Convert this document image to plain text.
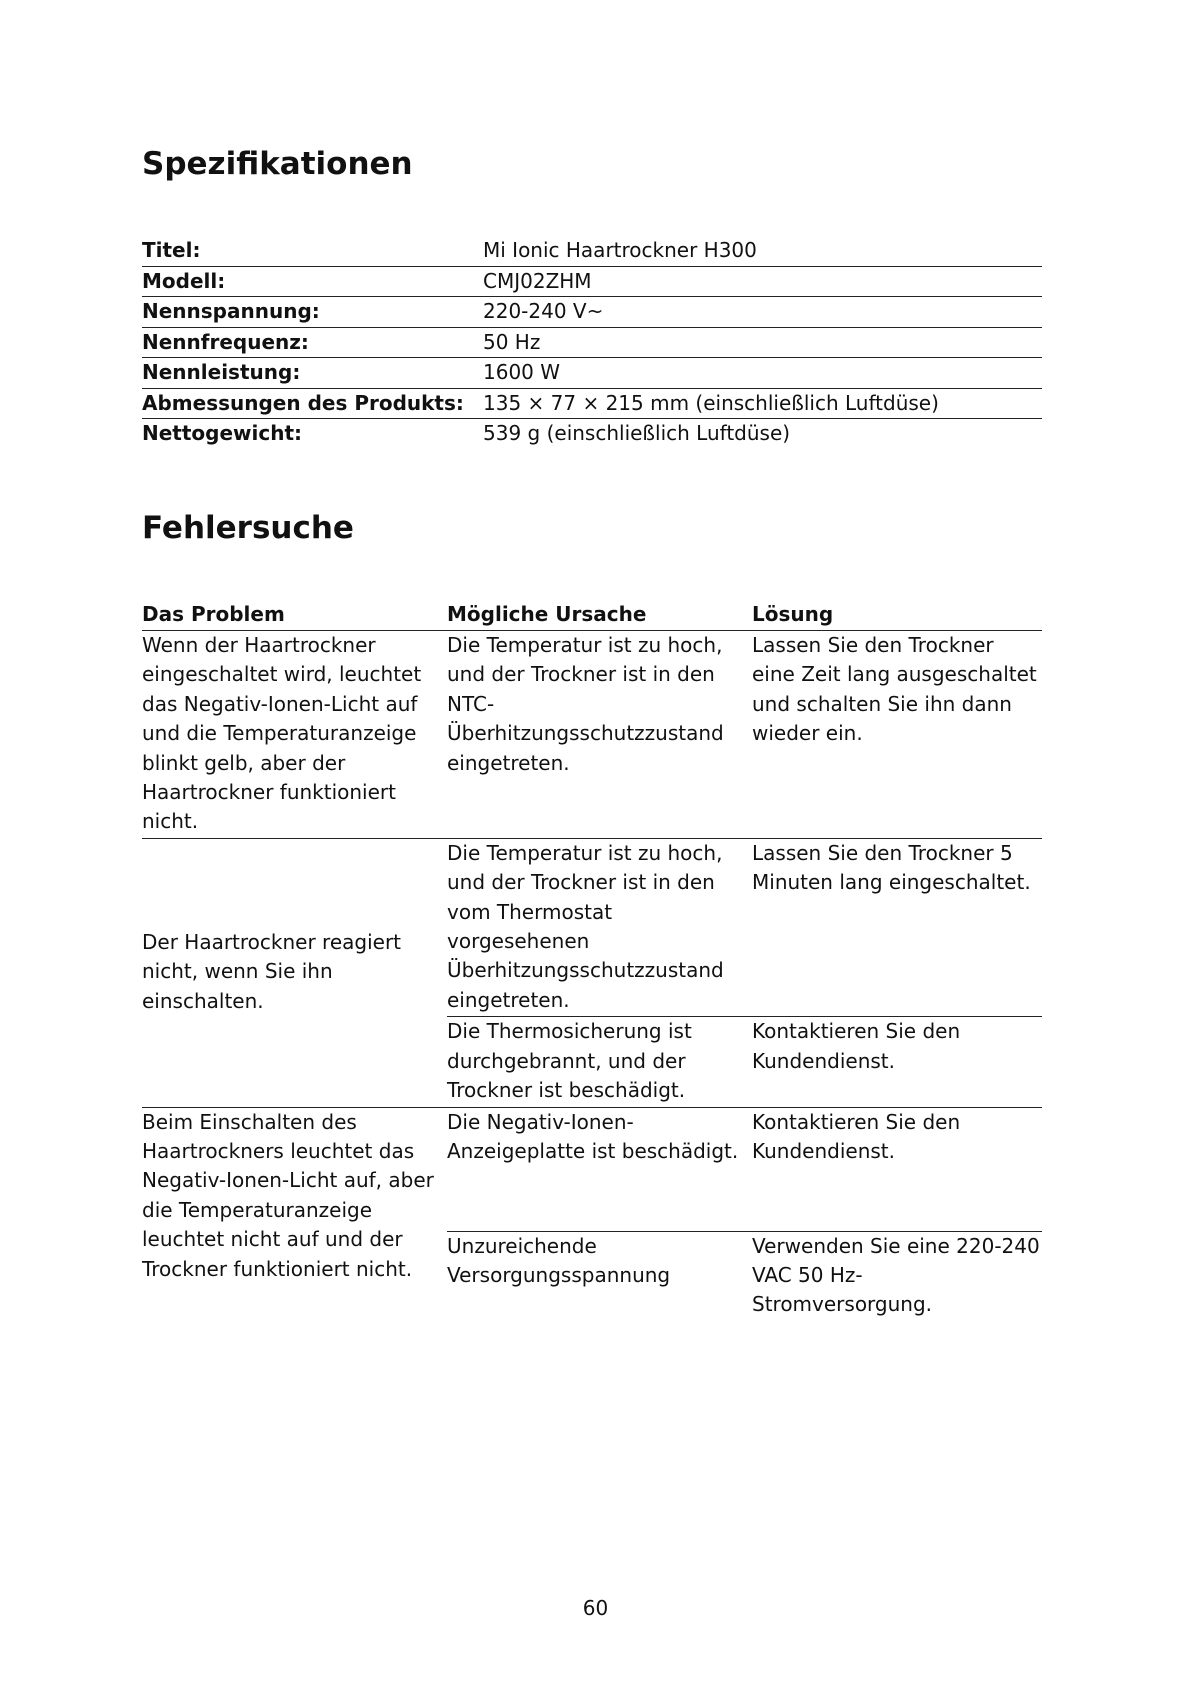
Spezifikationen
Titel:	Mi Ionic Haartrockner H300
Modell:	CMJ02ZHM
Nennspannung:	220-240 V~
Nennfrequenz:	50 Hz
Nennleistung:	1600 W
Abmessungen des Produkts:	135 × 77 × 215 mm (einschließlich Luftdüse)
Nettogewicht:	539 g (einschließlich Luftdüse)
Fehlersuche
Das Problem	Mögliche Ursache	Lösung
Wenn der Haartrockner eingeschaltet wird, leuchtet das Negativ-Ionen-Licht auf und die Temperaturanzeige blinkt gelb, aber der Haartrockner funktioniert nicht.	Die Temperatur ist zu hoch, und der Trockner ist in den NTC-Überhitzungsschutzzustand eingetreten.	Lassen Sie den Trockner eine Zeit lang ausgeschaltet und schalten Sie ihn dann wieder ein.
Der Haartrockner reagiert nicht, wenn Sie ihn einschalten.	Die Temperatur ist zu hoch, und der Trockner ist in den vom Thermostat vorgesehenen Überhitzungsschutzzustand eingetreten.	Lassen Sie den Trockner 5 Minuten lang eingeschaltet.
	Die Thermosicherung ist durchgebrannt, und der Trockner ist beschädigt.	Kontaktieren Sie den Kundendienst.
Beim Einschalten des Haartrockners leuchtet das Negativ-Ionen-Licht auf, aber die Temperaturanzeige leuchtet nicht auf und der Trockner funktioniert nicht.	Die Negativ-Ionen-Anzeigeplatte ist beschädigt.	Kontaktieren Sie den Kundendienst.
	Unzureichende Versorgungsspannung	Verwenden Sie eine 220-240 VAC 50 Hz-Stromversorgung.
60
